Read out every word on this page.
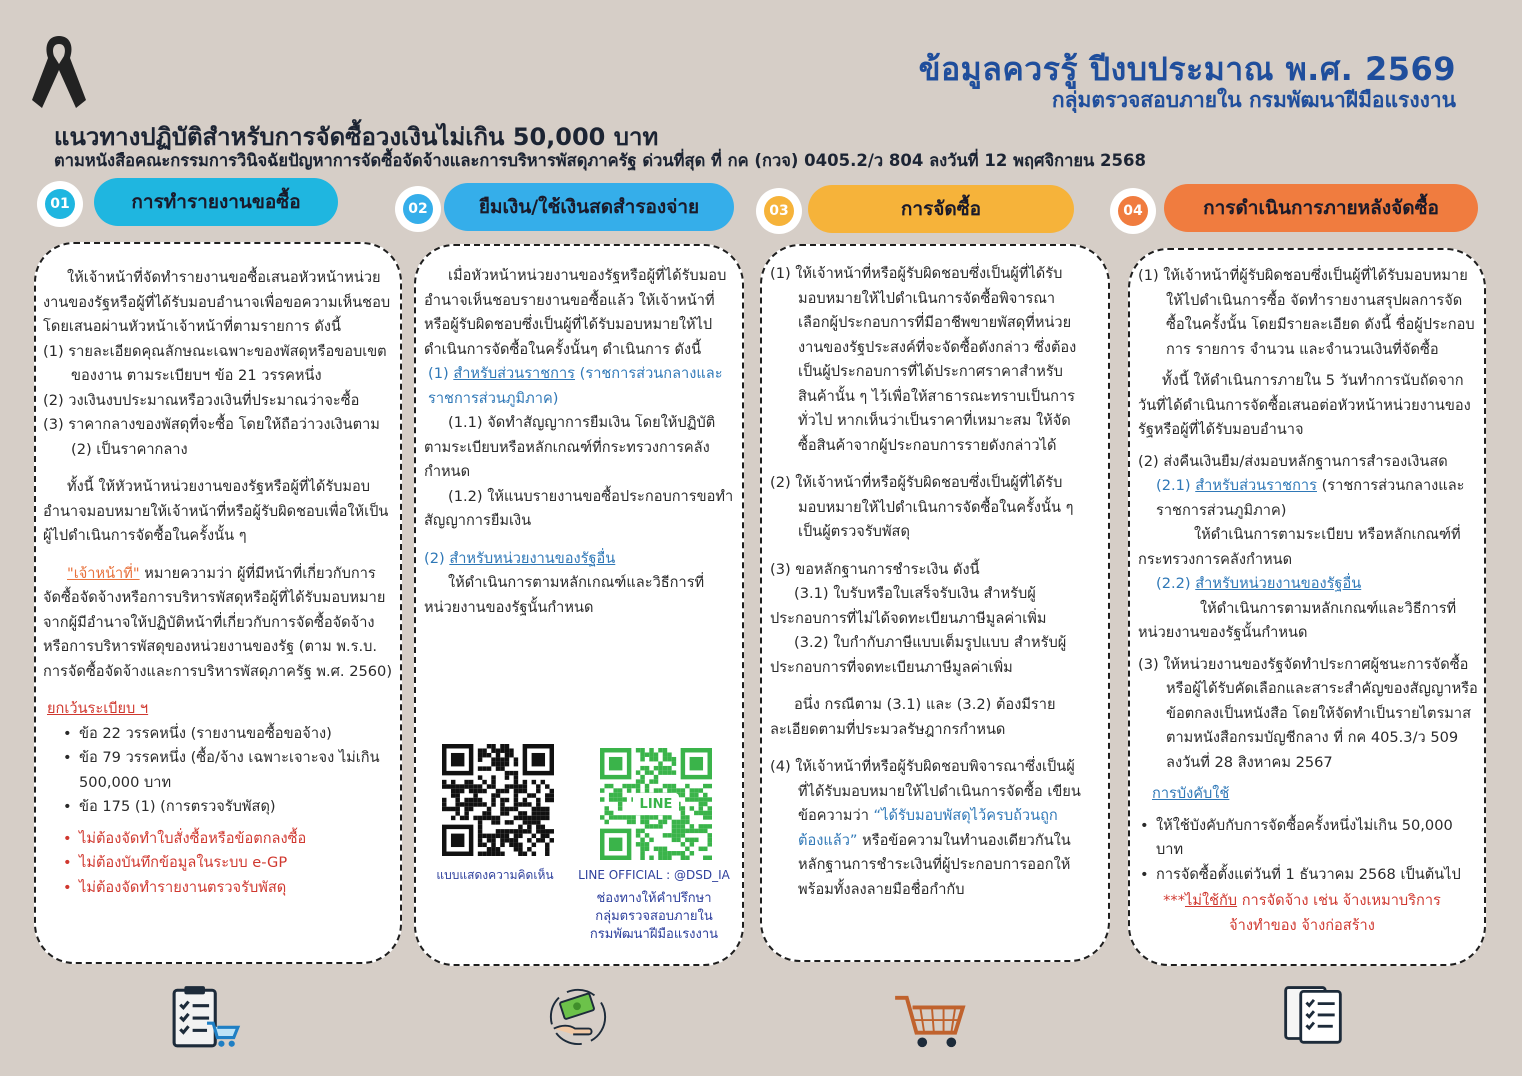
ข้อมูลควรรู้ ปีงบประมาณ พ.ศ. 2569
กลุ่มตรวจสอบภายใน กรมพัฒนาฝีมือแรงงาน
แนวทางปฏิบัติสำหรับการจัดซื้อวงเงินไม่เกิน 50,000 บาท
ตามหนังสือคณะกรรมการวินิจฉัยปัญหาการจัดซื้อจัดจ้างและการบริหารพัสดุภาครัฐ ด่วนที่สุด ที่ กค (กวจ) 0405.2/ว 804 ลงวันที่ 12 พฤศจิกายน 2568
การทำรายงานขอซื้อ
01	ยืมเงิน/ใช้เงินสดสำรองจ่าย
02	การจัดซื้อ
03	การดำเนินการภายหลังจัดซื้อ
04

ให้เจ้าหน้าที่จัดทำรายงานขอซื้อเสนอหัวหน้าหน่วยงานของรัฐหรือผู้ที่ได้รับมอบอำนาจเพื่อขอความเห็นชอบ โดยเสนอผ่านหัวหน้าเจ้าหน้าที่ตามรายการ ดังนี้

(1) รายละเอียดคุณลักษณะเฉพาะของพัสดุหรือขอบเขตของงาน ตามระเบียบฯ ข้อ 21 วรรคหนึ่ง

(2) วงเงินงบประมาณหรือวงเงินที่ประมาณว่าจะซื้อ

(3) ราคากลางของพัสดุที่จะซื้อ โดยให้ถือว่าวงเงินตาม (2) เป็นราคากลาง

ทั้งนี้ ให้หัวหน้าหน่วยงานของรัฐหรือผู้ที่ได้รับมอบอำนาจมอบหมายให้เจ้าหน้าที่หรือผู้รับผิดชอบเพื่อให้เป็นผู้ไปดำเนินการจัดซื้อในครั้งนั้น ๆ

"เจ้าหน้าที่" หมายความว่า ผู้ที่มีหน้าที่เกี่ยวกับการจัดซื้อจัดจ้างหรือการบริหารพัสดุหรือผู้ที่ได้รับมอบหมายจากผู้มีอำนาจให้ปฏิบัติหน้าที่เกี่ยวกับการจัดซื้อจัดจ้างหรือการบริหารพัสดุของหน่วยงานของรัฐ (ตาม พ.ร.บ. การจัดซื้อจัดจ้างและการบริหารพัสดุภาครัฐ พ.ศ. 2560)

ยกเว้นระเบียบ ฯ

• ข้อ 22 วรรคหนึ่ง (รายงานขอซื้อขอจ้าง)

• ข้อ 79 วรรคหนึ่ง (ซื้อ/จ้าง เฉพาะเจาะจง ไม่เกิน 500,000 บาท

• ข้อ 175 (1) (การตรวจรับพัสดุ)

• ไม่ต้องจัดทำใบสั่งซื้อหรือข้อตกลงซื้อ

• ไม่ต้องบันทึกข้อมูลในระบบ e-GP

• ไม่ต้องจัดทำรายงานตรวจรับพัสดุ

เมื่อหัวหน้าหน่วยงานของรัฐหรือผู้ที่ได้รับมอบอำนาจเห็นชอบรายงานขอซื้อแล้ว ให้เจ้าหน้าที่หรือผู้รับผิดชอบซึ่งเป็นผู้ที่ได้รับมอบหมายให้ไปดำเนินการจัดซื้อในครั้งนั้นๆ ดำเนินการ ดังนี้

(1) สำหรับส่วนราชการ (ราชการส่วนกลางและราชการส่วนภูมิภาค)

(1.1) จัดทำสัญญาการยืมเงิน โดยให้ปฏิบัติตามระเบียบหรือหลักเกณฑ์ที่กระทรวงการคลังกำหนด

(1.2) ให้แนบรายงานขอซื้อประกอบการขอทำสัญญาการยืมเงิน

(2) สำหรับหน่วยงานของรัฐอื่น

ให้ดำเนินการตามหลักเกณฑ์และวิธีการที่หน่วยงานของรัฐนั้นกำหนด

แบบแสดงความคิดเห็น
LINE
LINE OFFICIAL : @DSD_IA
ช่องทางให้คำปรึกษา
กลุ่มตรวจสอบภายใน
กรมพัฒนาฝีมือแรงงาน

(1) ให้เจ้าหน้าที่หรือผู้รับผิดชอบซึ่งเป็นผู้ที่ได้รับมอบหมายให้ไปดำเนินการจัดซื้อพิจารณาเลือกผู้ประกอบการที่มีอาชีพขายพัสดุที่หน่วยงานของรัฐประสงค์ที่จะจัดซื้อดังกล่าว ซึ่งต้องเป็นผู้ประกอบการที่ได้ประกาศราคาสำหรับสินค้านั้น ๆ ไว้เพื่อให้สาธารณะทราบเป็นการทั่วไป หากเห็นว่าเป็นราคาที่เหมาะสม ให้จัดซื้อสินค้าจากผู้ประกอบการรายดังกล่าวได้

(2) ให้เจ้าหน้าที่หรือผู้รับผิดชอบซึ่งเป็นผู้ที่ได้รับมอบหมายให้ไปดำเนินการจัดซื้อในครั้งนั้น ๆ เป็นผู้ตรวจรับพัสดุ

(3) ขอหลักฐานการชำระเงิน ดังนี้

(3.1) ใบรับหรือใบเสร็จรับเงิน สำหรับผู้ประกอบการที่ไม่ได้จดทะเบียนภาษีมูลค่าเพิ่ม

(3.2) ใบกำกับภาษีแบบเต็มรูปแบบ สำหรับผู้ประกอบการที่จดทะเบียนภาษีมูลค่าเพิ่ม

อนึ่ง กรณีตาม (3.1) และ (3.2) ต้องมีรายละเอียดตามที่ประมวลรัษฎากรกำหนด

(4) ให้เจ้าหน้าที่หรือผู้รับผิดชอบพิจารณาซึ่งเป็นผู้ที่ได้รับมอบหมายให้ไปดำเนินการจัดซื้อ เขียนข้อความว่า “ได้รับมอบพัสดุไว้ครบถ้วนถูกต้องแล้ว” หรือข้อความในทำนองเดียวกันในหลักฐานการชำระเงินที่ผู้ประกอบการออกให้ พร้อมทั้งลงลายมือชื่อกำกับ

(1) ให้เจ้าหน้าที่ผู้รับผิดชอบซึ่งเป็นผู้ที่ได้รับมอบหมายให้ไปดำเนินการซื้อ จัดทำรายงานสรุปผลการจัดซื้อในครั้งนั้น โดยมีรายละเอียด ดังนี้ ชื่อผู้ประกอบการ รายการ จำนวน และจำนวนเงินที่จัดซื้อ

ทั้งนี้ ให้ดำเนินการภายใน 5 วันทำการนับถัดจากวันที่ได้ดำเนินการจัดซื้อเสนอต่อหัวหน้าหน่วยงานของรัฐหรือผู้ที่ได้รับมอบอำนาจ

(2) ส่งคืนเงินยืม/ส่งมอบหลักฐานการสำรองเงินสด

(2.1) สำหรับส่วนราชการ (ราชการส่วนกลางและราชการส่วนภูมิภาค)

ให้ดำเนินการตามระเบียบ หรือหลักเกณฑ์ที่กระทรวงการคลังกำหนด

(2.2) สำหรับหน่วยงานของรัฐอื่น

ให้ดำเนินการตามหลักเกณฑ์และวิธีการที่หน่วยงานของรัฐนั้นกำหนด

(3) ให้หน่วยงานของรัฐจัดทำประกาศผู้ชนะการจัดซื้อหรือผู้ได้รับคัดเลือกและสาระสำคัญของสัญญาหรือข้อตกลงเป็นหนังสือ โดยให้จัดทำเป็นรายไตรมาสตามหนังสือกรมบัญชีกลาง ที่ กค 405.3/ว 509 ลงวันที่ 28 สิงหาคม 2567

การบังคับใช้

• ให้ใช้บังคับกับการจัดซื้อครั้งหนึ่งไม่เกิน 50,000 บาท

• การจัดซื้อตั้งแต่วันที่ 1 ธันวาคม 2568 เป็นต้นไป

***ไม่ใช้กับ การจัดจ้าง เช่น จ้างเหมาบริการ จ้างทำของ จ้างก่อสร้าง
